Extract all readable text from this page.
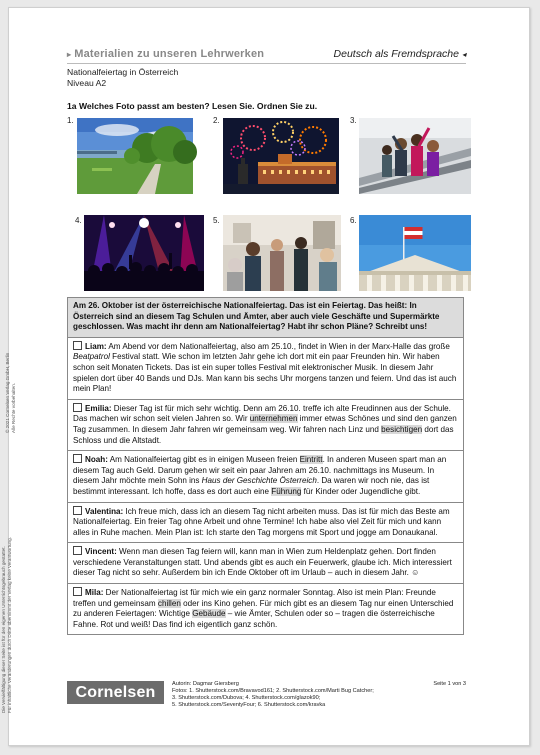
© 2021 Cornelsen Verlag GmbH, Berlin Alle Rechte vorbehalten.
Die Vervielfältigung dieser Seite ist für den eigenen Unterrichtsgebrauch gestattet. Für inhaltliche Veränderungen durch Dritte übernimmt der Verlag keine Verantwortung.
▸ Materialien zu unseren Lehrwerken	Deutsch als Fremdsprache ◂
Nationalfeiertag in Österreich
Niveau A2
1a Welches Foto passt am besten? Lesen Sie. Ordnen Sie zu.
1.	2.	3.
4.	5.	6.
Am 26. Oktober ist der österreichische Nationalfeiertag. Das ist ein Feiertag. Das heißt: In Österreich sind an diesem Tag Schulen und Ämter, aber auch viele Geschäfte und Supermärkte geschlossen. Was macht ihr denn am Nationalfeiertag? Habt ihr schon Pläne? Schreibt uns!
Liam: Am Abend vor dem Nationalfeiertag, also am 25.10., findet in Wien in der Marx-Halle das große Beatpatrol Festival statt. Wie schon im letzten Jahr gehe ich dort mit ein paar Freunden hin. Wir haben schon seit Monaten Tickets. Das ist ein super tolles Festival mit elektronischer Musik. In diesem Jahr spielen dort über 40 Bands und DJs. Man kann bis sechs Uhr morgens tanzen und feiern. Und das ist auch mein Plan!
Emilia: Dieser Tag ist für mich sehr wichtig. Denn am 26.10. treffe ich alte Freudinnen aus der Schule. Das machen wir schon seit vielen Jahren so. Wir unternehmen immer etwas Schönes und sind den ganzen Tag zusammen. In diesem Jahr fahren wir gemeinsam weg. Wir fahren nach Linz und besichtigen dort das Schloss und die Altstadt.
Noah: Am Nationalfeiertag gibt es in einigen Museen freien Eintritt. In anderen Museen spart man an diesem Tag auch Geld. Darum gehen wir seit ein paar Jahren am 26.10. nachmittags ins Museum. In diesem Jahr möchte mein Sohn ins Haus der Geschichte Österreich. Da waren wir noch nie, das ist bestimmt interessant. Ich hoffe, dass es dort auch eine Führung für Kinder oder Jugendliche gibt.
Valentina: Ich freue mich, dass ich an diesem Tag nicht arbeiten muss. Das ist für mich das Beste am Nationalfeiertag. Ein freier Tag ohne Arbeit und ohne Termine! Ich habe also viel Zeit für mich und kann alles in Ruhe machen. Mein Plan ist: Ich starte den Tag morgens mit Sport und jogge am Donaukanal.
Vincent: Wenn man diesen Tag feiern will, kann man in Wien zum Heldenplatz gehen. Dort finden verschiedene Veranstaltungen statt. Und abends gibt es auch ein Feuerwerk, glaube ich. Mich interessiert dieser Tag nicht so sehr. Außerdem bin ich Ende Oktober oft im Urlaub – auch in diesem Jahr. ☺
Mila: Der Nationalfeiertag ist für mich wie ein ganz normaler Sonntag. Also ist mein Plan: Freunde treffen und gemeinsam chillen oder ins Kino gehen. Für mich gibt es an diesem Tag nur einen Unterschied zu anderen Feiertagen: Wichtige Gebäude – wie Ämter, Schulen oder so – tragen die österreichische Fahne. Rot und weiß! Das find ich eigentlich ganz schön.
Cornelsen	Autorin: Dagmar Giersberg
Fotos: 1. Shutterstock.com/Bravavod161; 2. Shutterstock.com/Marti Bug Catcher;
3. Shutterstock.com/Dubova; 4. Shutterstock.com/glazok90;
5. Shutterstock.com/SeventyFour; 6. Shutterstock.com/kravka
Seite 1 von 3
